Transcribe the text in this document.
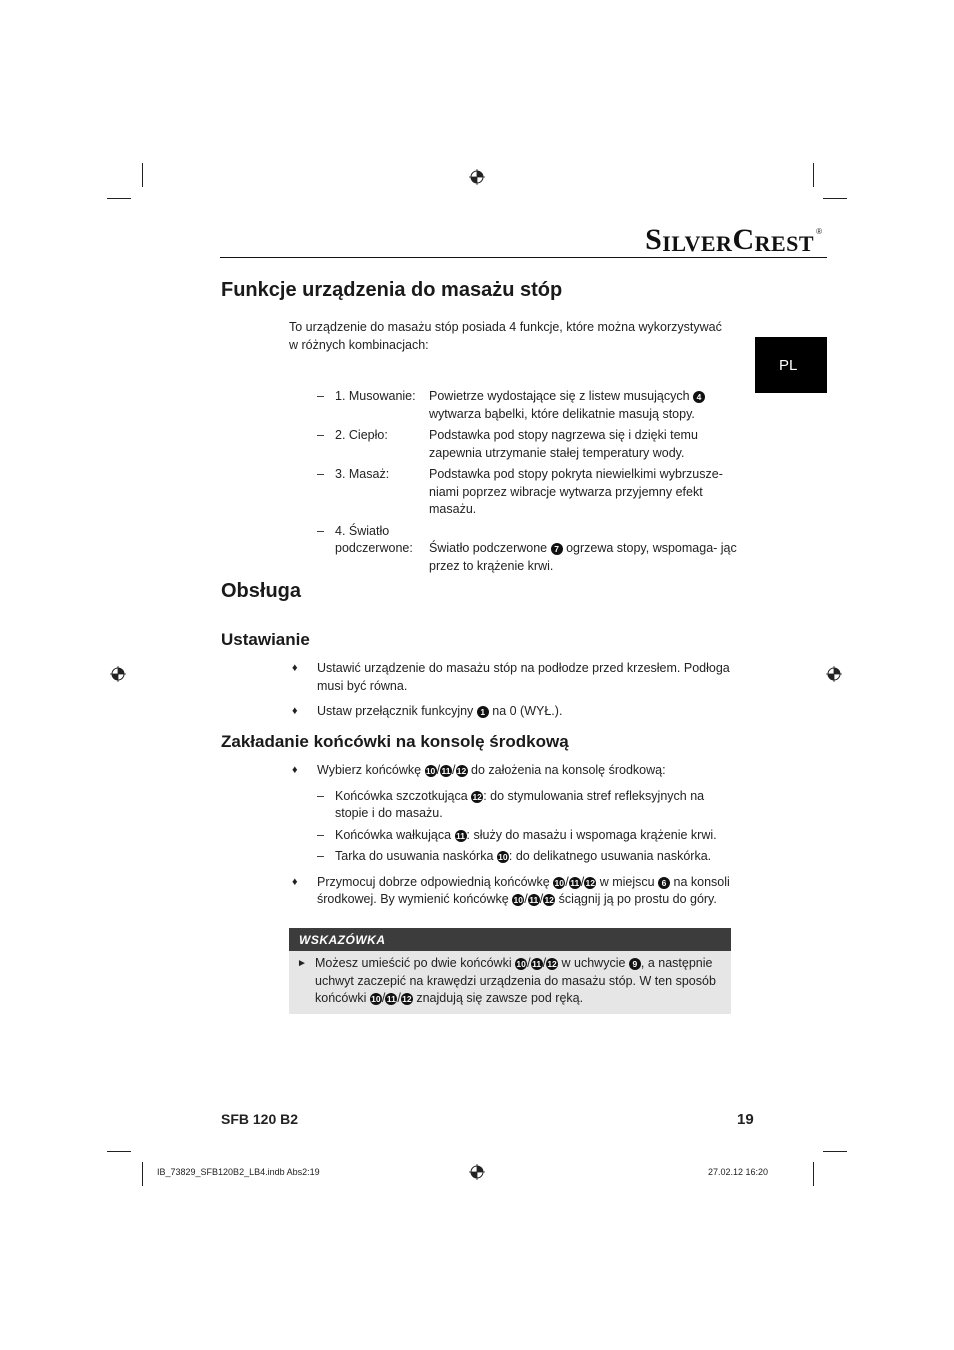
S ILVER C REST ®
PL
Funkcje urządzenia do masażu stóp
To urządzenie do masażu stóp posiada 4 funkcje, które można wykorzystywać w różnych kombinacjach:
– 1. Musowanie:	Powietrze wydostające się z listew musujących 4 wytwarza bąbelki, które delikatnie masują stopy.
– 2. Ciepło:	Podstawka pod stopy nagrzewa się i dzięki temu zapewnia utrzymanie stałej temperatury wody.
– 3. Masaż:	Podstawka pod stopy pokryta niewielkimi wybrzusze- niami poprzez wibracje wytwarza przyjemny efekt masażu.
– 4. Światło
podczerwone:	Światło podczerwone 7 ogrzewa stopy, wspomaga- jąc przez to krążenie krwi.
Obsługa
Ustawianie
♦	Ustawić urządzenie do masażu stóp na podłodze przed krzesłem. Podłoga musi być równa.
♦	Ustaw przełącznik funkcyjny 1 na 0 (WYŁ.).
Zakładanie końcówki na konsolę środkową
♦	Wybierz końcówkę 10/ 11 /12 do założenia na konsolę środkową:
– Końcówka szczotkująca 12: do stymulowania stref refleksyjnych na stopie i do masażu.
– Końcówka wałkująca 11 : służy do masażu i wspomaga krążenie krwi.
– Tarka do usuwania naskórka 10: do delikatnego usuwania naskórka.
♦	Przymocuj dobrze odpowiednią końcówkę 10/ 11 /12 w miejscu 6 na konsoli środkowej. By wymienić końcówkę 10/ 11 /12 ściągnij ją po prostu do góry.
WSKAZÓWKA
► Możesz umieścić po dwie końcówki 10/ 11 /12 w uchwycie 9 , a następnie uchwyt zaczepić na krawędzi urządzenia do masażu stóp. W ten sposób końcówki 10/ 11 /12 znajdują się zawsze pod ręką.
SFB 120 B2	19
IB_73829_SFB120B2_LB4.indb Abs2:19	27.02.12 16:20
